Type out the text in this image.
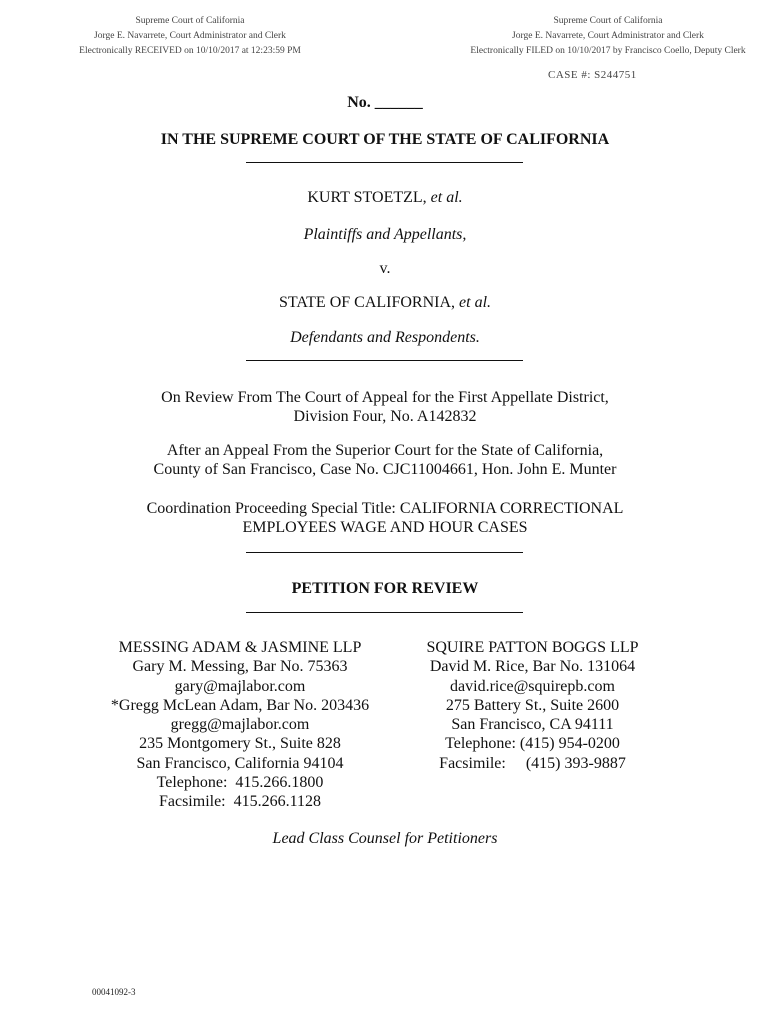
Supreme Court of California
Jorge E. Navarrete, Court Administrator and Clerk
Electronically RECEIVED on 10/10/2017 at 12:23:59 PM
Supreme Court of California
Jorge E. Navarrete, Court Administrator and Clerk
Electronically FILED on 10/10/2017 by Francisco Coello, Deputy Clerk
CASE #: S244751
No. ______
IN THE SUPREME COURT OF THE STATE OF CALIFORNIA
KURT STOETZL, et al.
Plaintiffs and Appellants,
v.
STATE OF CALIFORNIA, et al.
Defendants and Respondents.
On Review From The Court of Appeal for the First Appellate District,
Division Four, No. A142832
After an Appeal From the Superior Court for the State of California,
County of San Francisco, Case No. CJC11004661, Hon. John E. Munter
Coordination Proceeding Special Title: CALIFORNIA CORRECTIONAL
EMPLOYEES WAGE AND HOUR CASES
PETITION FOR REVIEW
MESSING ADAM & JASMINE LLP
Gary M. Messing, Bar No. 75363
gary@majlabor.com
*Gregg McLean Adam, Bar No. 203436
gregg@majlabor.com
235 Montgomery St., Suite 828
San Francisco, California 94104
Telephone:  415.266.1800
Facsimile:  415.266.1128
SQUIRE PATTON BOGGS LLP
David M. Rice, Bar No. 131064
david.rice@squirepb.com
275 Battery St., Suite 2600
San Francisco, CA 94111
Telephone: (415) 954-0200
Facsimile:     (415) 393-9887
Lead Class Counsel for Petitioners
00041092-3
